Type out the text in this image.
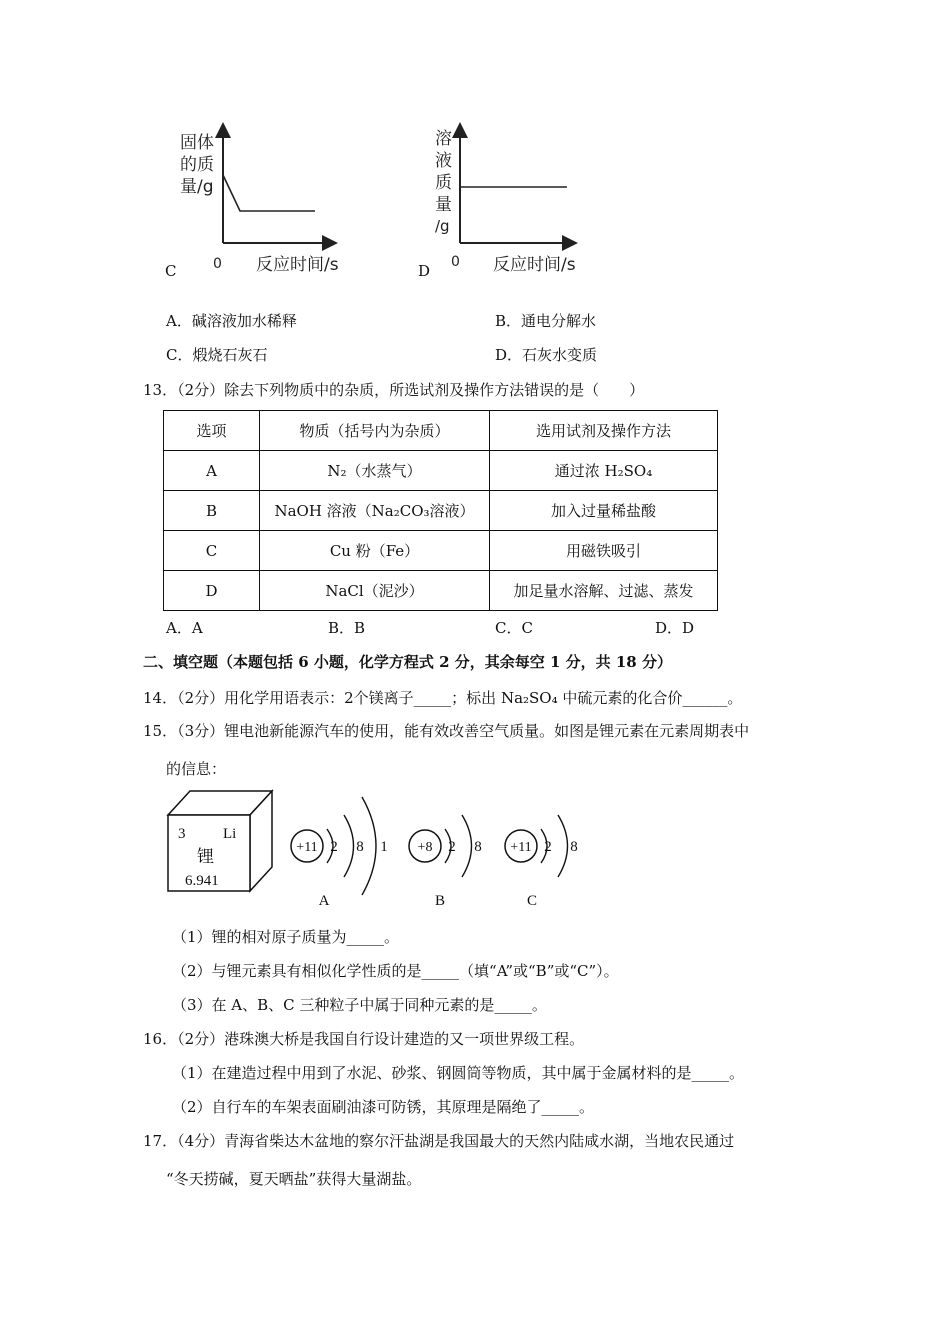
C
固体
的质
量/g
0 反应时间/s	D
溶
液
质
量
/g
0 反应时间/s
A．碱溶液加水稀释	B．通电分解水
C．煅烧石灰石	D．石灰水变质
13．（2分）除去下列物质中的杂质，所选试剂及操作方法错误的是（　　）
选项	物质（括号内为杂质）	选用试剂及操作方法
A	N₂（水蒸气）	通过浓 H₂SO₄
B	NaOH 溶液（Na₂CO₃溶液）	加入过量稀盐酸
C	Cu 粉（Fe）	用磁铁吸引
D	NaCl（泥沙）	加足量水溶解、过滤、蒸发
A．A	B．B	C．C	D．D
二、填空题（本题包括 6 小题，化学方程式 2 分，其余每空 1 分，共 18 分）
14．（2分）用化学用语表示：2个镁离子_____；标出 Na₂SO₄ 中硫元素的化合价______。
15．（3分）锂电池新能源汽车的使用，能有效改善空气质量。如图是锂元素在元素周期表中
的信息：
3	Li
锂
6.941
+11 2 8 1
A
+8 2 8
B
+11 2 8
C
（1）锂的相对原子质量为_____。
（2）与锂元素具有相似化学性质的是_____（填“A”或“B”或“C”）。
（3）在 A、B、C 三种粒子中属于同种元素的是_____。
16．（2分）港珠澳大桥是我国自行设计建造的又一项世界级工程。
（1）在建造过程中用到了水泥、砂浆、钢圆筒等物质，其中属于金属材料的是_____。
（2）自行车的车架表面刷油漆可防锈，其原理是隔绝了_____。
17．（4分）青海省柴达木盆地的察尔汗盐湖是我国最大的天然内陆咸水湖，当地农民通过
“冬天捞碱，夏天晒盐”获得大量湖盐。
